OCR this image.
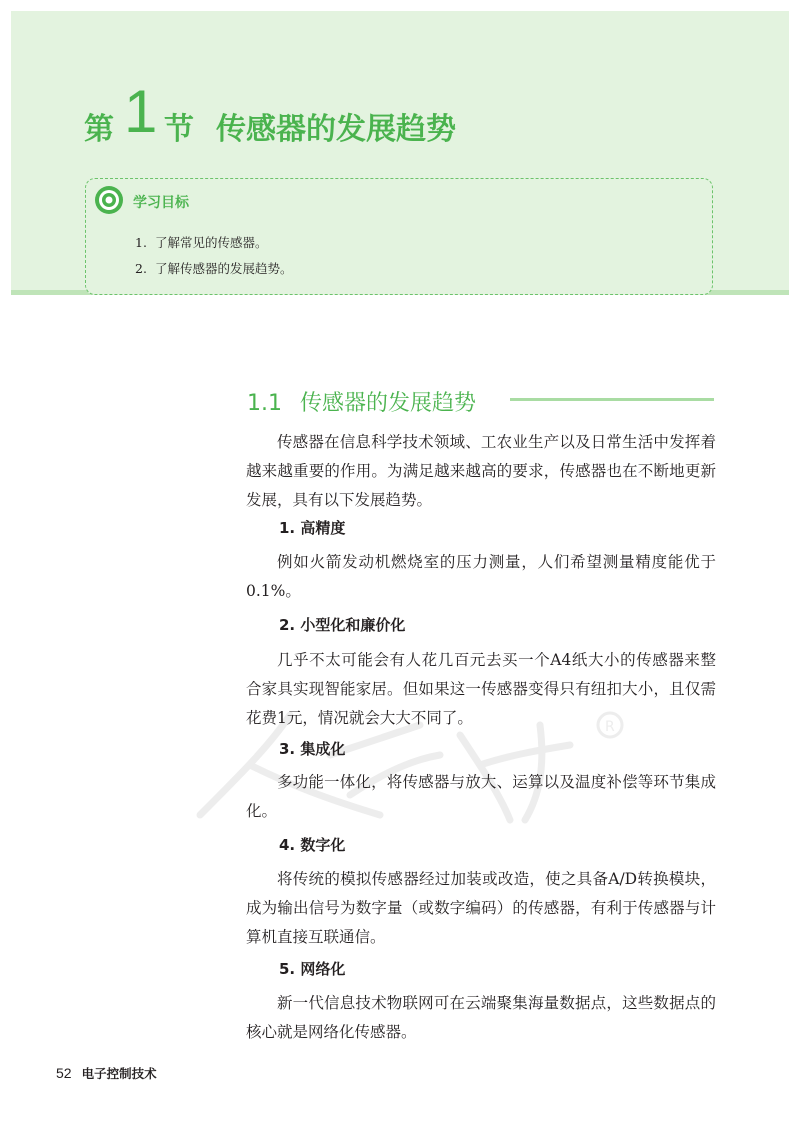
第 1 节 传感器的发展趋势
学习目标
1. 了解常见的传感器。
2. 了解传感器的发展趋势。
1.1 传感器的发展趋势
R

传感器在信息科学技术领域、工农业生产以及日常生活中发挥着越来越重要的作用。为满足越来越高的要求，传感器也在不断地更新发展，具有以下发展趋势。

1. 高精度

例如火箭发动机燃烧室的压力测量，人们希望测量精度能优于0.1%。

2. 小型化和廉价化

几乎不太可能会有人花几百元去买一个A4纸大小的传感器来整合家具实现智能家居。但如果这一传感器变得只有纽扣大小，且仅需花费1元，情况就会大大不同了。

3. 集成化

多功能一体化，将传感器与放大、运算以及温度补偿等环节集成化。

4. 数字化

将传统的模拟传感器经过加装或改造，使之具备A/D转换模块，成为输出信号为数字量（或数字编码）的传感器，有利于传感器与计算机直接互联通信。

5. 网络化

新一代信息技术物联网可在云端聚集海量数据点，这些数据点的核心就是网络化传感器。

52 电子控制技术
